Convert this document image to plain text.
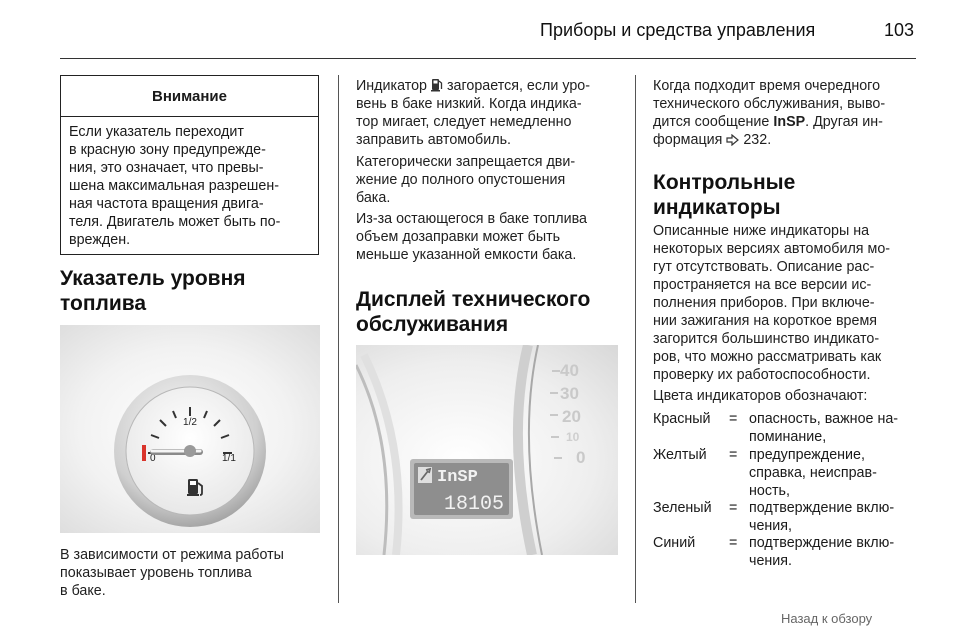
Приборы и средства управления	103
Внимание
Если указатель переходит
в красную зону предупрежде-
ния, это означает, что превы-
шена максимальная разрешен-
ная частота вращения двига-
теля. Двигатель может быть по-
врежден.

Указатель уровня

топлива

1/2
1/1
0

В зависимости от режима работы

показывает уровень топлива

в баке.

Индикатор загорается, если уро-

вень в баке низкий. Когда индика-

тор мигает, следует немедленно

заправить автомобиль.

Категорически запрещается дви-

жение до полного опустошения

бака.

Из-за остающегося в баке топлива

объем дозаправки может быть

меньше указанной емкости бака.

Дисплей технического

обслуживания

40
30
20
10
0
InSP
18105

Когда подходит время очередного

технического обслуживания, выво-

дится сообщение InSP. Другая ин-

формация 232.

Контрольные

индикаторы

Описанные ниже индикаторы на

некоторых версиях автомобиля мо-

гут отсутствовать. Описание рас-

пространяется на все версии ис-

полнения приборов. При включе-

нии зажигания на короткое время

загорится большинство индикато-

ров, что можно рассматривать как

проверку их работоспособности.

Цвета индикаторов обозначают:
Красный = опасность, важное на-
поминание,
Желтый = предупреждение,
справка, неисправ-
ность,
Зеленый = подтверждение вклю-
чения,
Синий = подтверждение вклю-
чения.
Назад к обзору
